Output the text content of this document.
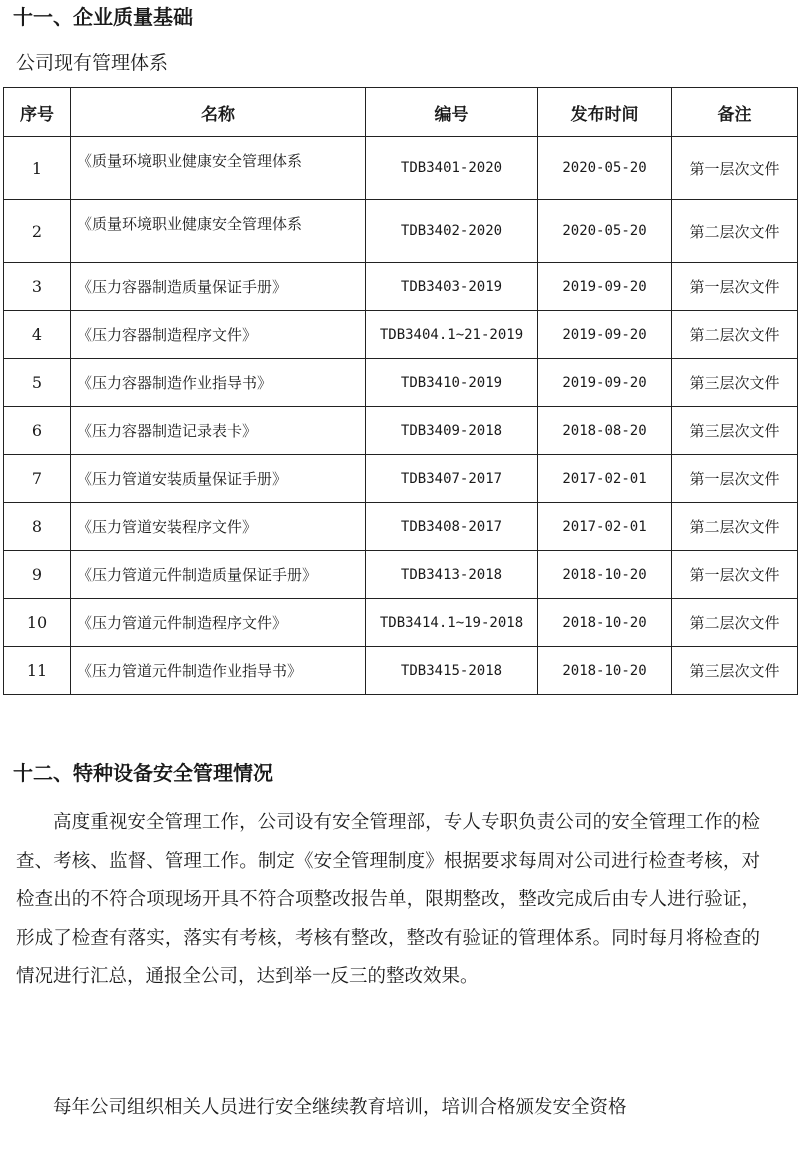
十一、企业质量基础
公司现有管理体系
序号	名称	编号	发布时间	备注
1	《质量环境职业健康安全管理体系	TDB3401-2020	2020-05-20	第一层次文件
2	《质量环境职业健康安全管理体系	TDB3402-2020	2020-05-20	第二层次文件
3	《压力容器制造质量保证手册》	TDB3403-2019	2019-09-20	第一层次文件
4	《压力容器制造程序文件》	TDB3404.1~21-2019	2019-09-20	第二层次文件
5	《压力容器制造作业指导书》	TDB3410-2019	2019-09-20	第三层次文件
6	《压力容器制造记录表卡》	TDB3409-2018	2018-08-20	第三层次文件
7	《压力管道安装质量保证手册》	TDB3407-2017	2017-02-01	第一层次文件
8	《压力管道安装程序文件》	TDB3408-2017	2017-02-01	第二层次文件
9	《压力管道元件制造质量保证手册》	TDB3413-2018	2018-10-20	第一层次文件
10	《压力管道元件制造程序文件》	TDB3414.1~19-2018	2018-10-20	第二层次文件
11	《压力管道元件制造作业指导书》	TDB3415-2018	2018-10-20	第三层次文件
十二、特种设备安全管理情况

高度重视安全管理工作，公司设有安全管理部，专人专职负责公司的安全管理工作的检查、考核、监督、管理工作。制定《安全管理制度》根据要求每周对公司进行检查考核，对检查出的不符合项现场开具不符合项整改报告单，限期整改，整改完成后由专人进行验证，形成了检查有落实，落实有考核，考核有整改，整改有验证的管理体系。同时每月将检查的情况进行汇总，通报全公司，达到举一反三的整改效果。

每年公司组织相关人员进行安全继续教育培训，培训合格颁发安全资格
